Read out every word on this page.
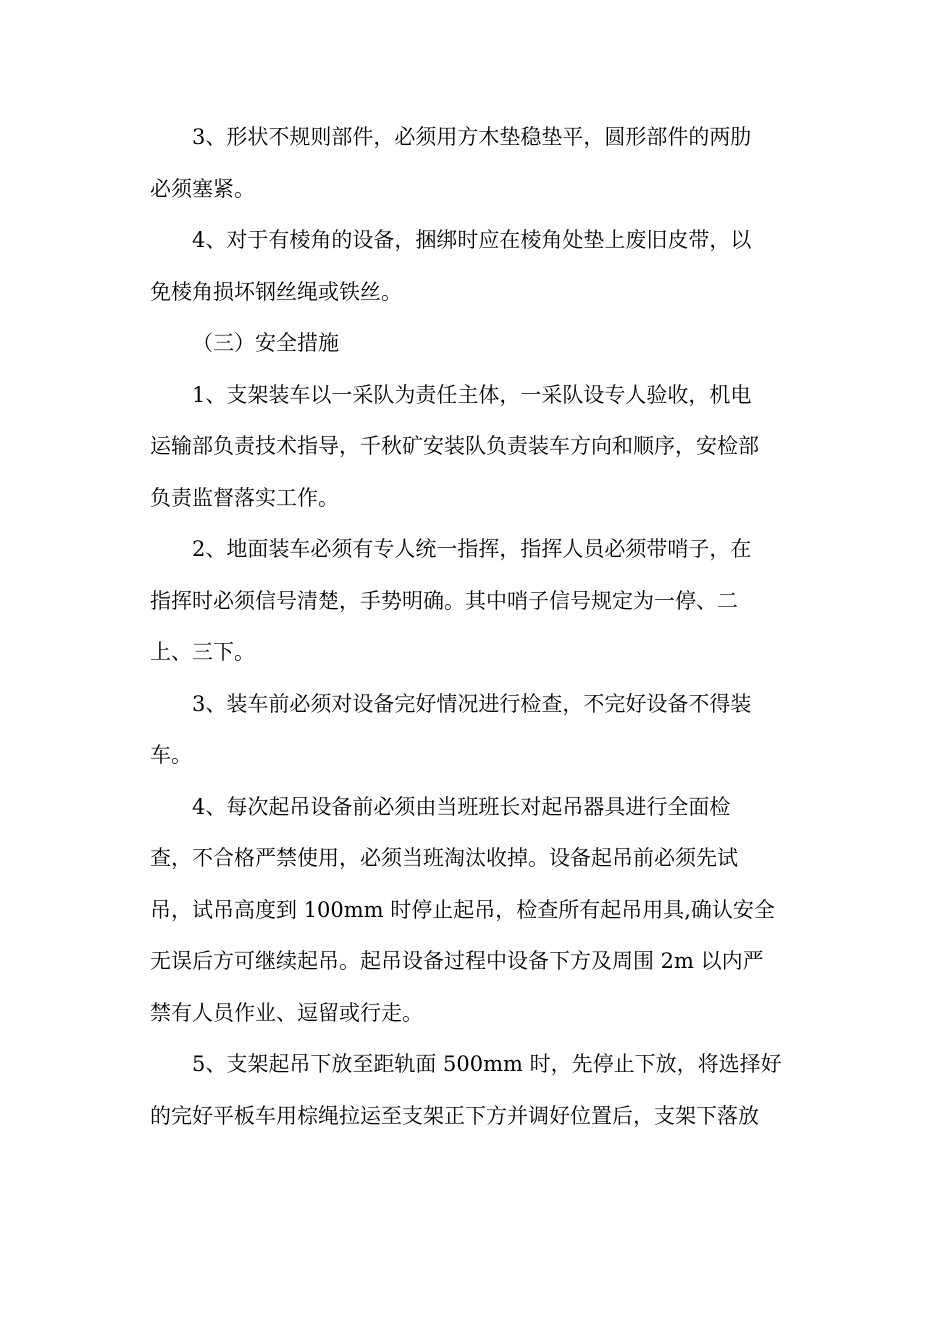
3、形状不规则部件，必须用方木垫稳垫平，圆形部件的两肋
必须塞紧。

4、对于有棱角的设备，捆绑时应在棱角处垫上废旧皮带，以
免棱角损坏钢丝绳或铁丝。

（三）安全措施

1、支架装车以一采队为责任主体，一采队设专人验收，机电
运输部负责技术指导，千秋矿安装队负责装车方向和顺序，安检部
负责监督落实工作。

2、地面装车必须有专人统一指挥，指挥人员必须带哨子，在
指挥时必须信号清楚，手势明确。其中哨子信号规定为一停、二
上、三下。

3、装车前必须对设备完好情况进行检查，不完好设备不得装
车。

4、每次起吊设备前必须由当班班长对起吊器具进行全面检
查，不合格严禁使用，必须当班淘汰收掉。设备起吊前必须先试
吊，试吊高度到 100mm 时停止起吊，检查所有起吊用具,确认安全
无误后方可继续起吊。起吊设备过程中设备下方及周围 2m 以内严
禁有人员作业、逗留或行走。

5、支架起吊下放至距轨面 500mm 时，先停止下放，将选择好
的完好平板车用棕绳拉运至支架正下方并调好位置后，支架下落放
